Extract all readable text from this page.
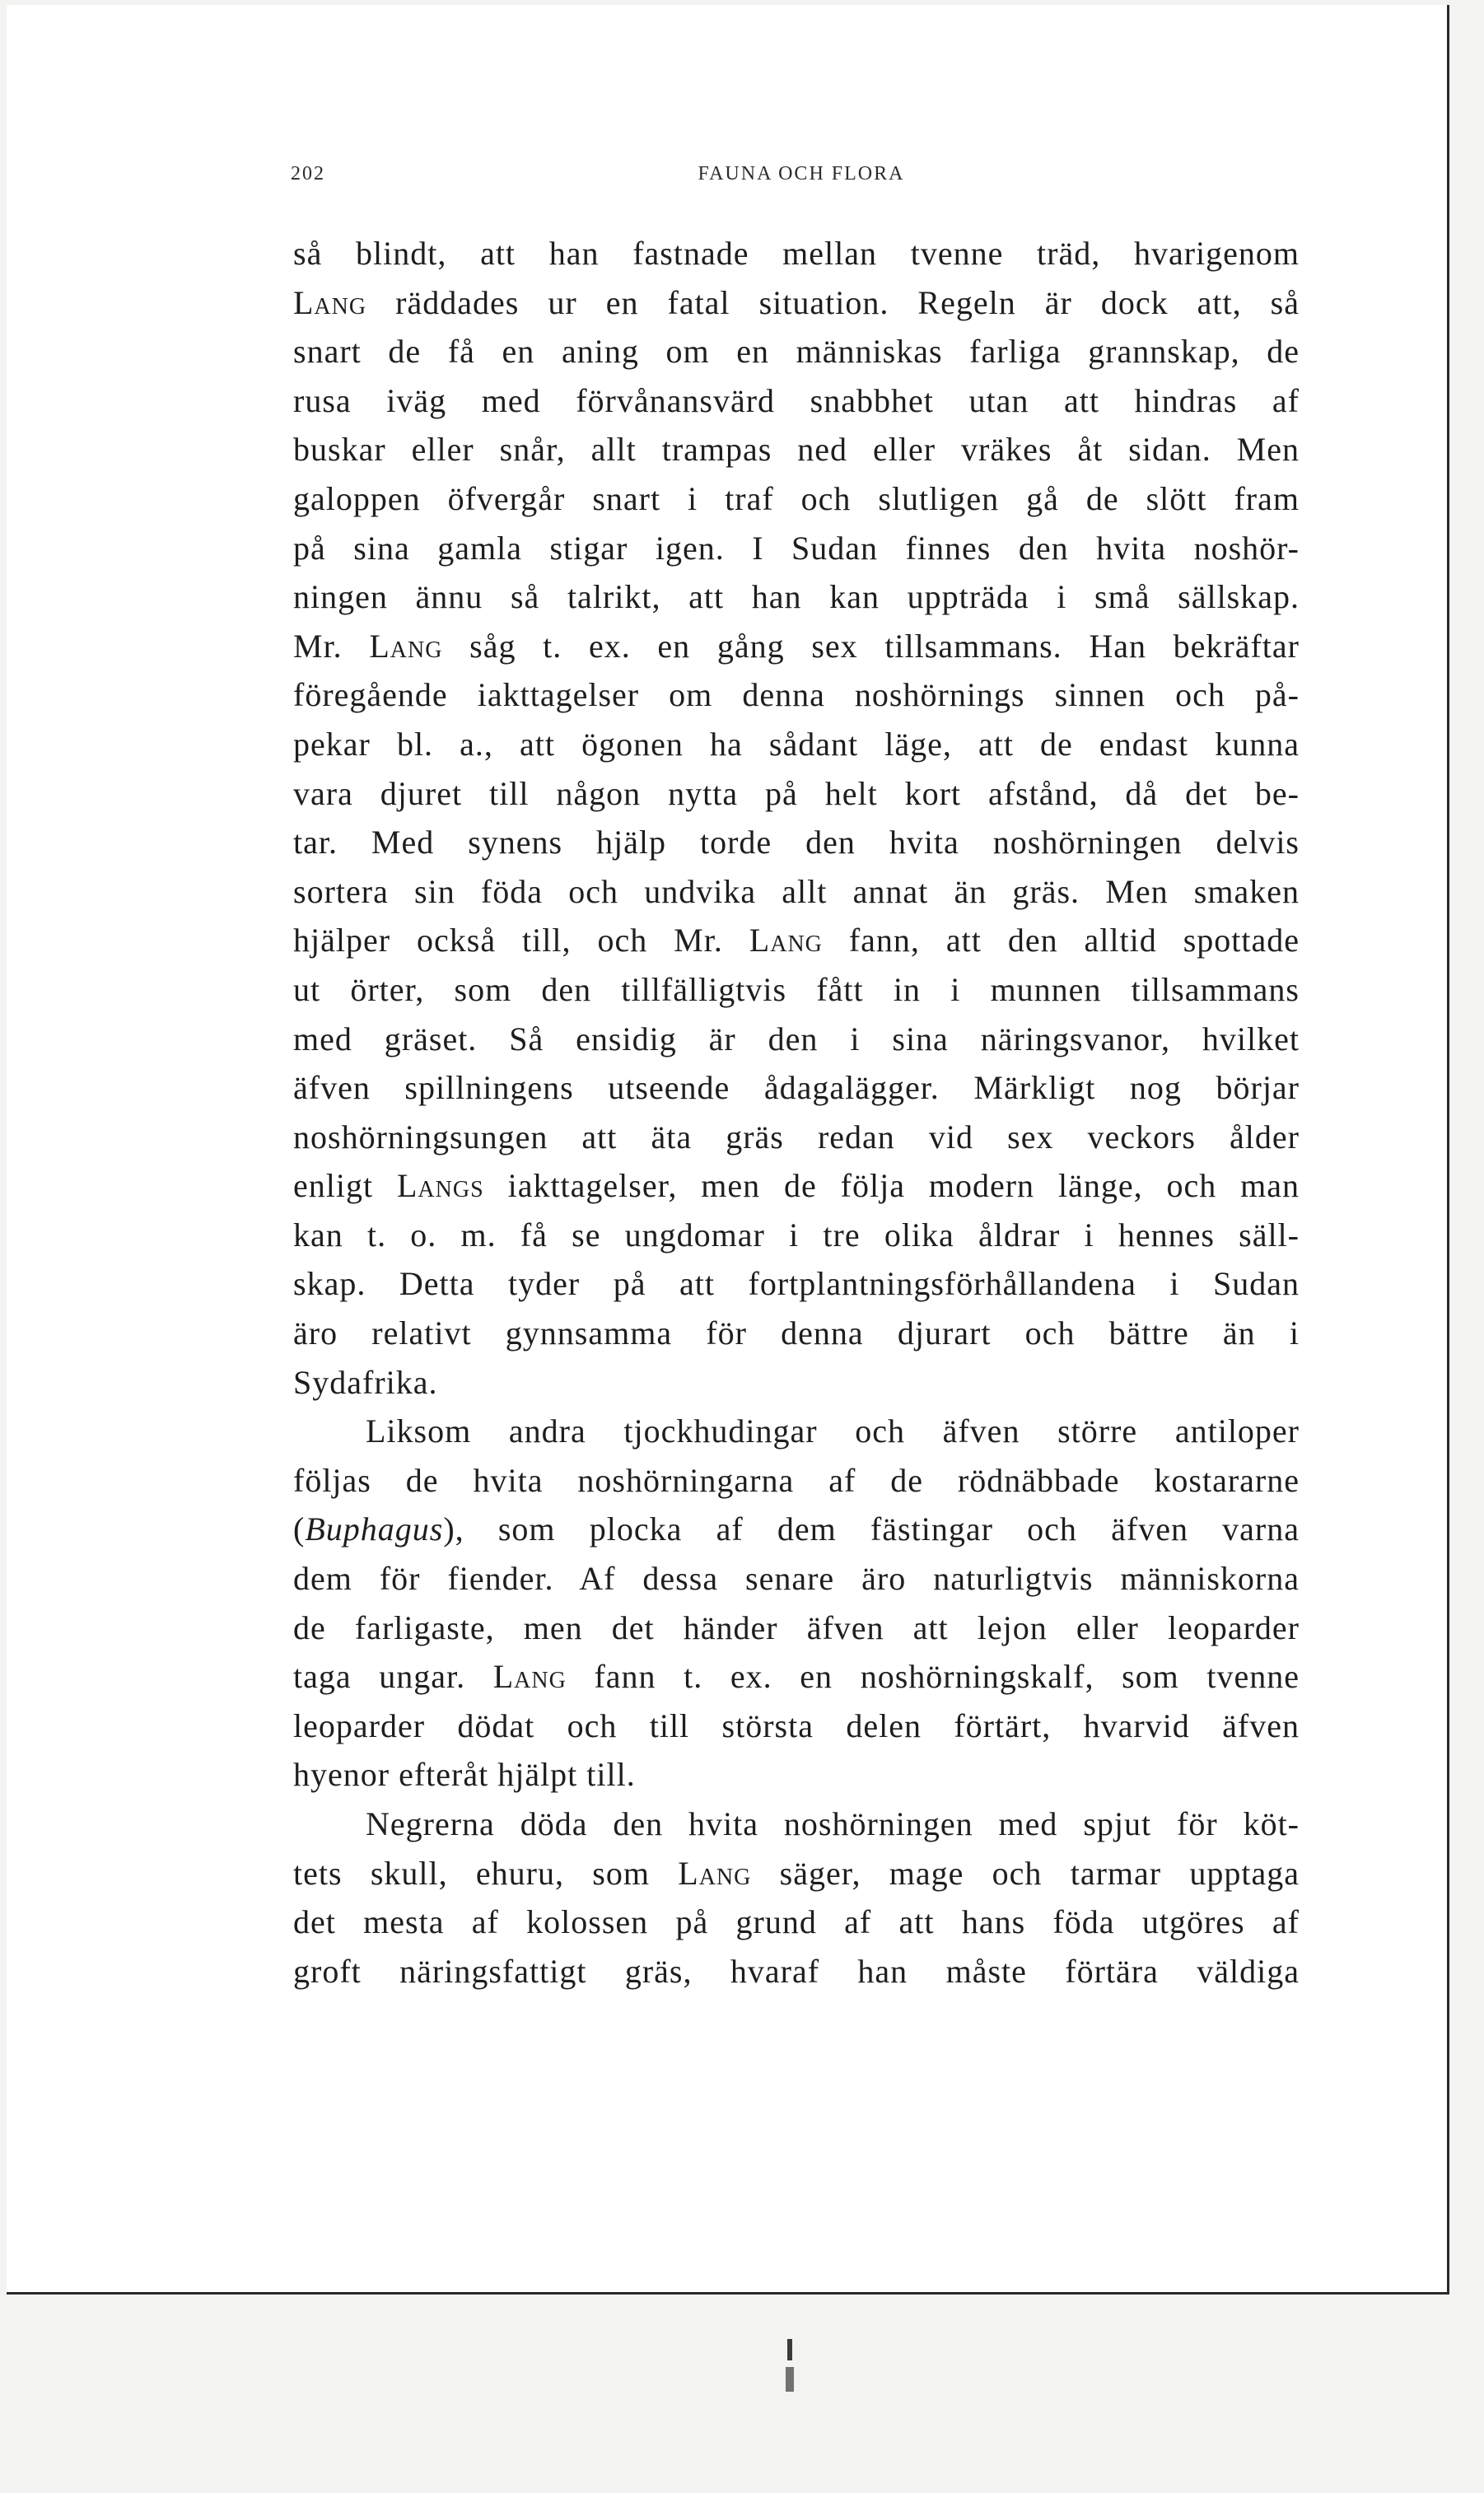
202	FAUNA OCH FLORA
så blindt, att han fastnade mellan tvenne träd, hvarigenom
Lang räddades ur en fatal situation. Regeln är dock att, så
snart de få en aning om en människas farliga grannskap, de
rusa iväg med förvånansvärd snabbhet utan att hindras af
buskar eller snår, allt trampas ned eller vräkes åt sidan. Men
galoppen öfvergår snart i traf och slutligen gå de slött fram
på sina gamla stigar igen. I Sudan finnes den hvita noshör-
ningen ännu så talrikt, att han kan uppträda i små sällskap.
Mr. Lang såg t. ex. en gång sex tillsammans. Han bekräftar
föregående iakttagelser om denna noshörnings sinnen och på-
pekar bl. a., att ögonen ha sådant läge, att de endast kunna
vara djuret till någon nytta på helt kort afstånd, då det be-
tar. Med synens hjälp torde den hvita noshörningen delvis
sortera sin föda och undvika allt annat än gräs. Men smaken
hjälper också till, och Mr. Lang fann, att den alltid spottade
ut örter, som den tillfälligtvis fått in i munnen tillsammans
med gräset. Så ensidig är den i sina näringsvanor, hvilket
äfven spillningens utseende ådagalägger. Märkligt nog börjar
noshörningsungen att äta gräs redan vid sex veckors ålder
enligt Langs iakttagelser, men de följa modern länge, och man
kan t. o. m. få se ungdomar i tre olika åldrar i hennes säll-
skap. Detta tyder på att fortplantningsförhållandena i Sudan
äro relativt gynnsamma för denna djurart och bättre än i
Sydafrika.
Liksom andra tjockhudingar och äfven större antiloper
följas de hvita noshörningarna af de rödnäbbade kostararne
(Buphagus), som plocka af dem fästingar och äfven varna
dem för fiender. Af dessa senare äro naturligtvis människorna
de farligaste, men det händer äfven att lejon eller leoparder
taga ungar. Lang fann t. ex. en noshörningskalf, som tvenne
leoparder dödat och till största delen förtärt, hvarvid äfven
hyenor efteråt hjälpt till.
Negrerna döda den hvita noshörningen med spjut för köt-
tets skull, ehuru, som Lang säger, mage och tarmar upptaga
det mesta af kolossen på grund af att hans föda utgöres af
groft näringsfattigt gräs, hvaraf han måste förtära väldiga
